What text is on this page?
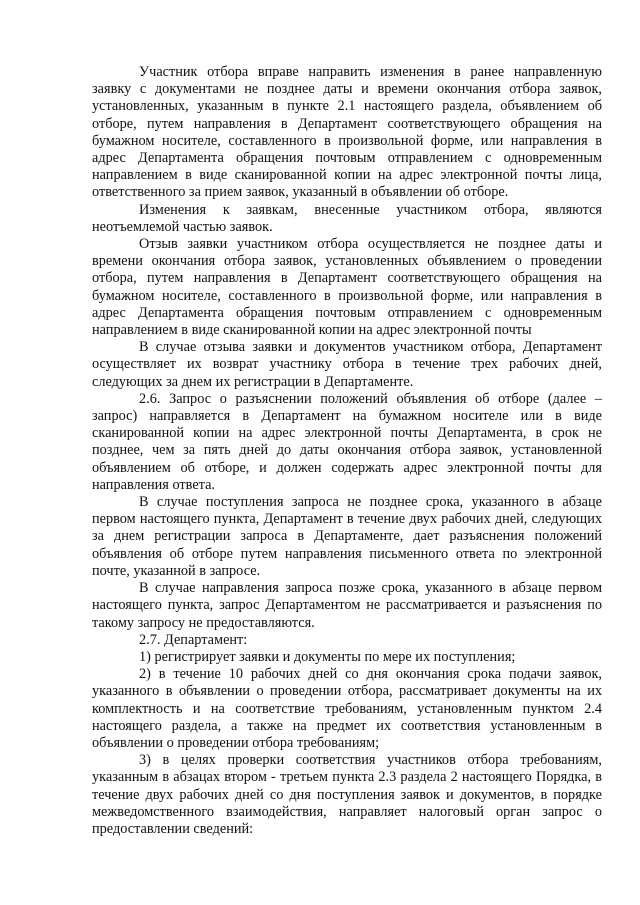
Участник отбора вправе направить изменения в ранее направленную заявку с документами не позднее даты и времени окончания отбора заявок, установленных, указанным в пункте 2.1 настоящего раздела, объявлением об отборе, путем направления в Департамент соответствующего обращения на бумажном носителе, составленного в произвольной форме, или направления в адрес Департамента обращения почтовым отправлением с одновременным направлением в виде сканированной копии на адрес электронной почты лица, ответственного за прием заявок, указанный в объявлении об отборе.

Изменения к заявкам, внесенные участником отбора, являются неотъемлемой частью заявок.

Отзыв заявки участником отбора осуществляется не позднее даты и времени окончания отбора заявок, установленных объявлением о проведении отбора, путем направления в Департамент соответствующего обращения на бумажном носителе, составленного в произвольной форме, или направления в адрес Департамента обращения почтовым отправлением с одновременным направлением в виде сканированной копии на адрес электронной почты

В случае отзыва заявки и документов участником отбора, Департамент осуществляет их возврат участнику отбора в течение трех рабочих дней, следующих за днем их регистрации в Департаменте.

2.6. Запрос о разъяснении положений объявления об отборе (далее – запрос) направляется в Департамент на бумажном носителе или в виде сканированной копии на адрес электронной почты Департамента, в срок не позднее, чем за пять дней до даты окончания отбора заявок, установленной объявлением об отборе, и должен содержать адрес электронной почты для направления ответа.

В случае поступления запроса не позднее срока, указанного в абзаце первом настоящего пункта, Департамент в течение двух рабочих дней, следующих за днем регистрации запроса в Департаменте, дает разъяснения положений объявления об отборе путем направления письменного ответа по электронной почте, указанной в запросе.

В случае направления запроса позже срока, указанного в абзаце первом настоящего пункта, запрос Департаментом не рассматривается и разъяснения по такому запросу не предоставляются.

2.7. Департамент:

1) регистрирует заявки и документы по мере их поступления;

2) в течение 10 рабочих дней со дня окончания срока подачи заявок, указанного в объявлении о проведении отбора, рассматривает документы на их комплектность и на соответствие требованиям, установленным пунктом 2.4 настоящего раздела, а также на предмет их соответствия установленным в объявлении о проведении отбора требованиям;

3) в целях проверки соответствия участников отбора требованиям, указанным в абзацах втором - третьем пункта 2.3 раздела 2 настоящего Порядка, в течение двух рабочих дней со дня поступления заявок и документов, в порядке межведомственного взаимодействия, направляет налоговый орган запрос о предоставлении сведений:
